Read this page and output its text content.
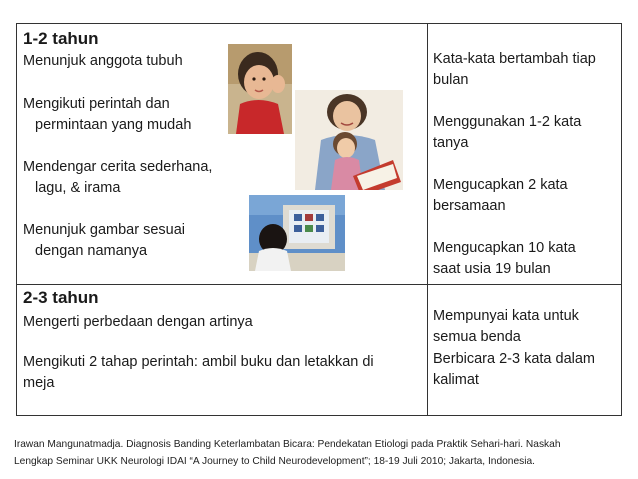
1-2 tahun
Menunjuk anggota tubuh
Mengikuti perintah dan
permintaan yang mudah
Mendengar cerita sederhana,
lagu, & irama
Menunjuk gambar sesuai
dengan namanya
Kata-kata bertambah tiap
bulan
Menggunakan 1-2 kata
tanya
Mengucapkan 2 kata
bersamaan
Mengucapkan 10 kata
saat usia 19 bulan
2-3 tahun
Mengerti perbedaan dengan artinya
Mengikuti 2 tahap perintah: ambil buku dan letakkan di
meja
Mempunyai kata untuk
semua benda
Berbicara 2-3 kata dalam
kalimat
Irawan Mangunatmadja. Diagnosis Banding Keterlambatan Bicara: Pendekatan Etiologi pada Praktik Sehari-hari. Naskah
Lengkap Seminar UKK Neurologi IDAI “A Journey to Child Neurodevelopment”; 18-19 Juli 2010; Jakarta, Indonesia.
